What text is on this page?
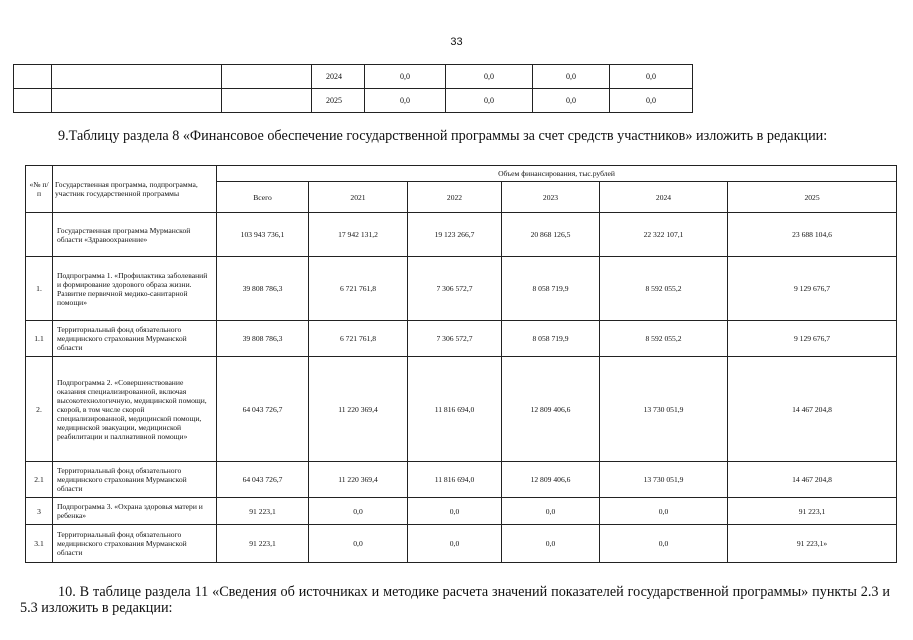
33
			2024	0,0	0,0	0,0	0,0	
			2025	0,0	0,0	0,0	0,0	
9.Таблицу раздела 8 «Финансовое обеспечение государственной программы за счет средств участников» изложить в редакции:
«№ п/п	Государственная программа, подпрограмма, участник государственной программы	Объем финансирования, тыс.рублей					
		Всего	2021	2022	2023	2024	2025
	Государственная программа Мурманской области «Здравоохранение»	103 943 736,1	17 942 131,2	19 123 266,7	20 868 126,5	22 322 107,1	23 688 104,6
1.	Подпрограмма 1. «Профилактика заболеваний и формирование здорового образа жизни. Развитие первичной медико-санитарной помощи»	39 808 786,3	6 721 761,8	7 306 572,7	8 058 719,9	8 592 055,2	9 129 676,7
1.1	Территориальный фонд обязательного медицинского страхования Мурманской области	39 808 786,3	6 721 761,8	7 306 572,7	8 058 719,9	8 592 055,2	9 129 676,7
2.	Подпрограмма 2. «Совершенствование оказания специализированной, включая высокотехнологичную, медицинской помощи, скорой, в том числе скорой специализированной, медицинской помощи, медицинской эвакуации, медицинской реабилитации и паллиативной помощи»	64 043 726,7	11 220 369,4	11 816 694,0	12 809 406,6	13 730 051,9	14 467 204,8
2.1	Территориальный фонд обязательного медицинского страхования Мурманской области	64 043 726,7	11 220 369,4	11 816 694,0	12 809 406,6	13 730 051,9	14 467 204,8
3	Подпрограмма 3. «Охрана здоровья матери и ребенка»	91 223,1	0,0	0,0	0,0	0,0	91 223,1
3.1	Территориальный фонд обязательного медицинского страхования Мурманской области	91 223,1	0,0	0,0	0,0	0,0	91 223,1»
10. В таблице раздела 11 «Сведения об источниках и методике расчета значений показателей государственной программы» пункты 2.3 и 5.3 изложить в редакции:
